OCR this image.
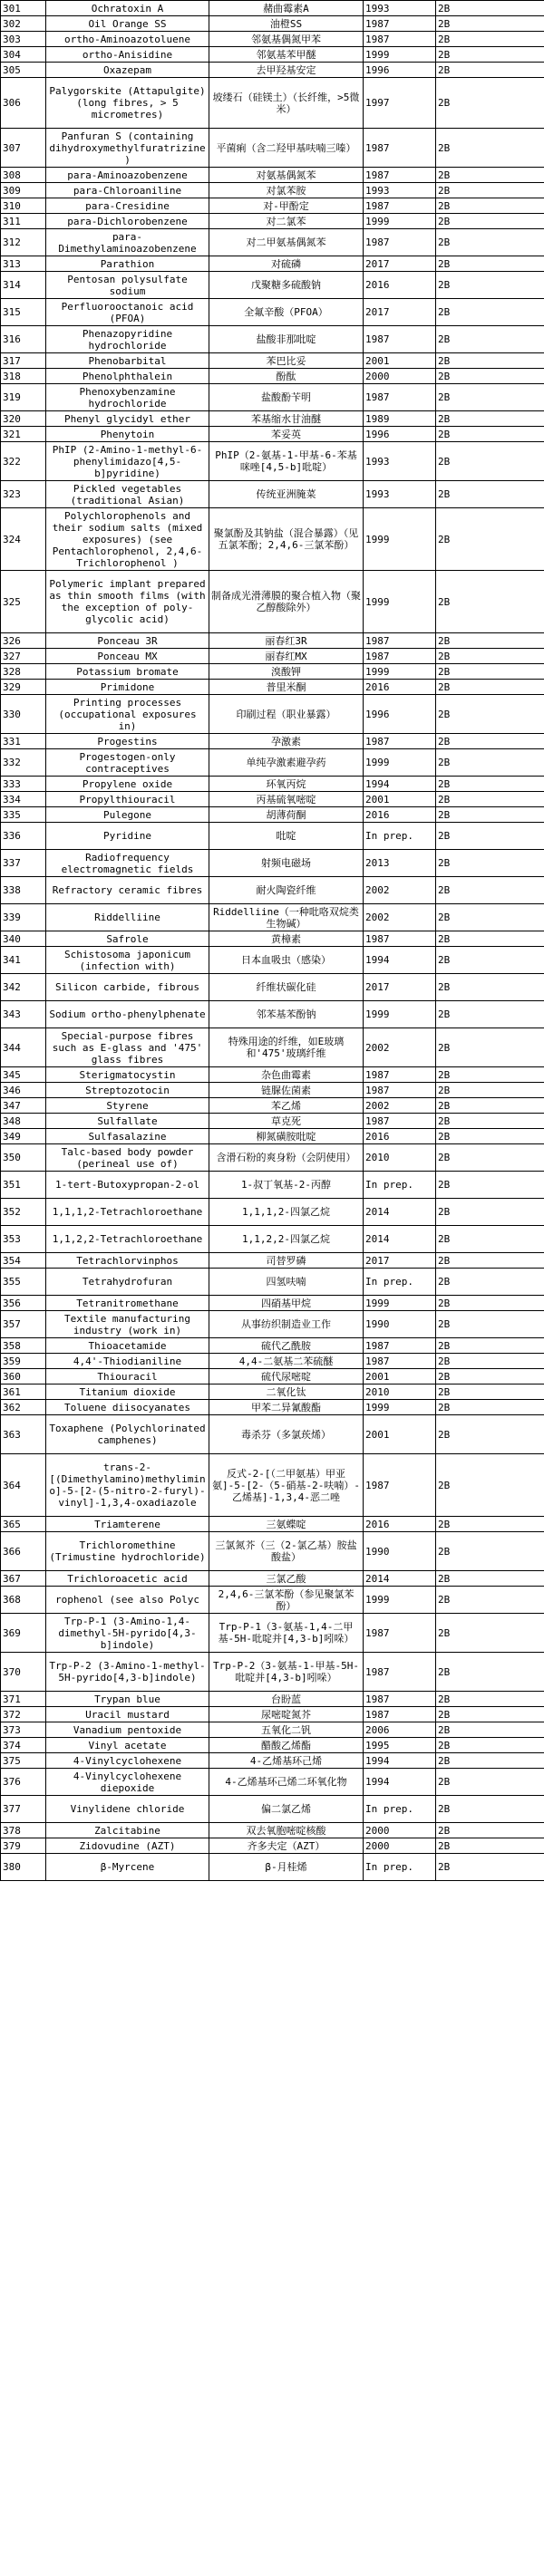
301	Ochratoxin A	赭曲霉素A	1993	2B
302	Oil Orange SS	油橙SS	1987	2B
303	ortho-Aminoazotoluene	邻氨基偶氮甲苯	1987	2B
304	ortho-Anisidine	邻氨基苯甲醚	1999	2B
305	Oxazepam	去甲羟基安定	1996	2B
306	Palygorskite (Attapulgite) (long fibres, > 5 micrometres)	坡缕石（硅镁土）（长纤维，>5微米）	1997	2B
307	Panfuran S (containing dihydroxymethylfuratrizine)	平菌痢（含二羟甲基呋喃三嗪）	1987	2B
308	para-Aminoazobenzene	对氨基偶氮苯	1987	2B
309	para-Chloroaniline	对氯苯胺	1993	2B
310	para-Cresidine	对-甲酚定	1987	2B
311	para-Dichlorobenzene	对二氯苯	1999	2B
312	para-Dimethylaminoazobenzene	对二甲氨基偶氮苯	1987	2B
313	Parathion	对硫磷	2017	2B
314	Pentosan polysulfate sodium	戊聚糖多硫酸钠	2016	2B
315	Perfluorooctanoic acid (PFOA)	全氟辛酸（PFOA）	2017	2B
316	Phenazopyridine hydrochloride	盐酸非那吡啶	1987	2B
317	Phenobarbital	苯巴比妥	2001	2B
318	Phenolphthalein	酚酞	2000	2B
319	Phenoxybenzamine hydrochloride	盐酸酚苄明	1987	2B
320	Phenyl glycidyl ether	苯基缩水甘油醚	1989	2B
321	Phenytoin	苯妥英	1996	2B
322	PhIP (2-Amino-1-methyl-6-phenylimidazo[4,5-b]pyridine)	PhIP（2-氨基-1-甲基-6-苯基咪唑[4,5-b]吡啶）	1993	2B
323	Pickled vegetables (traditional Asian)	传统亚洲腌菜	1993	2B
324	Polychlorophenols and their sodium salts (mixed exposures) (see Pentachlorophenol, 2,4,6-Trichlorophenol )	聚氯酚及其钠盐（混合暴露）（见五氯苯酚；2,4,6-三氯苯酚）	1999	2B
325	Polymeric implant prepared as thin smooth films (with the exception of poly-glycolic acid)	制备成光滑薄膜的聚合植入物（聚乙醇酸除外）	1999	2B
326	Ponceau 3R	丽春红3R	1987	2B
327	Ponceau MX	丽春红MX	1987	2B
328	Potassium bromate	溴酸钾	1999	2B
329	Primidone	普里米酮	2016	2B
330	Printing processes (occupational exposures in)	印刷过程（职业暴露）	1996	2B
331	Progestins	孕激素	1987	2B
332	Progestogen-only contraceptives	单纯孕激素避孕药	1999	2B
333	Propylene oxide	环氧丙烷	1994	2B
334	Propylthiouracil	丙基硫氧嘧啶	2001	2B
335	Pulegone	胡薄荷酮	2016	2B
336	Pyridine	吡啶	In prep.	2B
337	Radiofrequency electromagnetic fields	射频电磁场	2013	2B
338	Refractory ceramic fibres	耐火陶瓷纤维	2002	2B
339	Riddelliine	Riddelliine（一种吡咯双烷类生物碱）	2002	2B
340	Safrole	黄樟素	1987	2B
341	Schistosoma japonicum (infection with)	日本血吸虫（感染）	1994	2B
342	Silicon carbide, fibrous	纤维状碳化硅	2017	2B
343	Sodium ortho-phenylphenate	邻苯基苯酚钠	1999	2B
344	Special-purpose fibres such as E-glass and '475' glass fibres	特殊用途的纤维，如E玻璃和'475'玻璃纤维	2002	2B
345	Sterigmatocystin	杂色曲霉素	1987	2B
346	Streptozotocin	链脲佐菌素	1987	2B
347	Styrene	苯乙烯	2002	2B
348	Sulfallate	草克死	1987	2B
349	Sulfasalazine	柳氮磺胺吡啶	2016	2B
350	Talc-based body powder (perineal use of)	含滑石粉的爽身粉（会阴使用）	2010	2B
351	1-tert-Butoxypropan-2-ol	1-叔丁氧基-2-丙醇	In prep.	2B
352	1,1,1,2-Tetrachloroethane	1,1,1,2-四氯乙烷	2014	2B
353	1,1,2,2-Tetrachloroethane	1,1,2,2-四氯乙烷	2014	2B
354	Tetrachlorvinphos	司替罗磷	2017	2B
355	Tetrahydrofuran	四氢呋喃	In prep.	2B
356	Tetranitromethane	四硝基甲烷	1999	2B
357	Textile manufacturing industry (work in)	从事纺织制造业工作	1990	2B
358	Thioacetamide	硫代乙酰胺	1987	2B
359	4,4'-Thiodianiline	4,4-二氨基二苯硫醚	1987	2B
360	Thiouracil	硫代尿嘧啶	2001	2B
361	Titanium dioxide	二氧化钛	2010	2B
362	Toluene diisocyanates	甲苯二异氰酸酯	1999	2B
363	Toxaphene (Polychlorinated camphenes)	毒杀芬（多氯莰烯）	2001	2B
364	trans-2-[(Dimethylamino)methylimino]-5-[2-(5-nitro-2-furyl)-vinyl]-1,3,4-oxadiazole	反式-2-[（二甲氨基）甲亚氨]-5-[2-（5-硝基-2-呋喃）-乙烯基]-1,3,4-恶二唑	1987	2B
365	Triamterene	三氨蝶啶	2016	2B
366	Trichloromethine (Trimustine hydrochloride)	三氯氮芥（三（2-氯乙基）胺盐酸盐）	1990	2B
367	Trichloroacetic acid	三氯乙酸	2014	2B
368	rophenol (see also Polyc	2,4,6-三氯苯酚（参见聚氯苯酚）	1999	2B
369	Trp-P-1 (3-Amino-1,4-dimethyl-5H-pyrido[4,3-b]indole)	Trp-P-1（3-氨基-1,4-二甲基-5H-吡啶并[4,3-b]吲哚）	1987	2B
370	Trp-P-2 (3-Amino-1-methyl-5H-pyrido[4,3-b]indole)	Trp-P-2（3-氨基-1-甲基-5H-吡啶并[4,3-b]吲哚）	1987	2B
371	Trypan blue	台盼蓝	1987	2B
372	Uracil mustard	尿嘧啶氮芥	1987	2B
373	Vanadium pentoxide	五氧化二钒	2006	2B
374	Vinyl acetate	醋酸乙烯酯	1995	2B
375	4-Vinylcyclohexene	4-乙烯基环己烯	1994	2B
376	4-Vinylcyclohexene diepoxide	4-乙烯基环己烯二环氧化物	1994	2B
377	Vinylidene chloride	偏二氯乙烯	In prep.	2B
378	Zalcitabine	双去氧胞嘧啶核酸	2000	2B
379	Zidovudine (AZT)	齐多夫定（AZT）	2000	2B
380	β-Myrcene	β-月桂烯	In prep.	2B
